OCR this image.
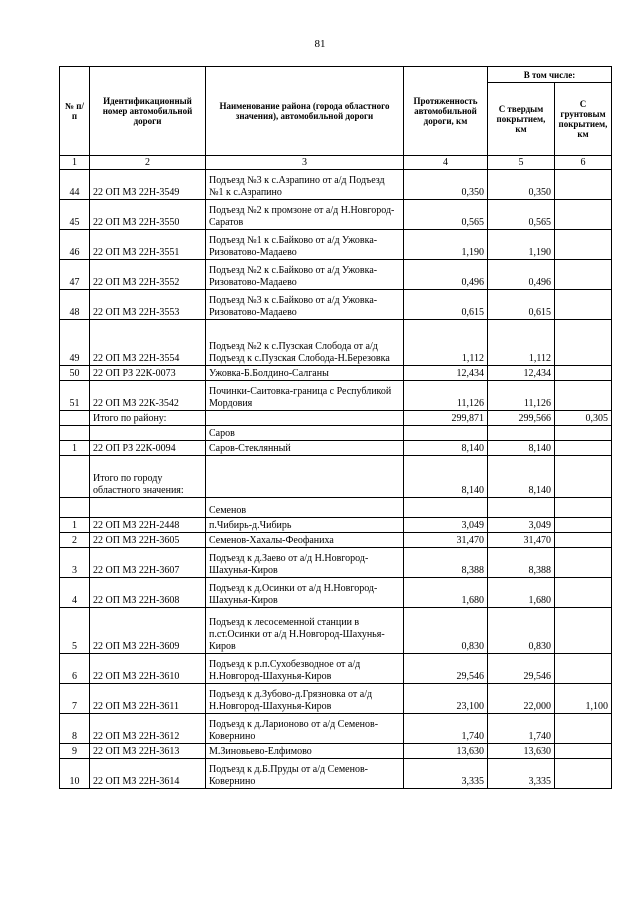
81
№ п/п	Идентификационный номер автомобильной дороги	Наименование района (города областного значения), автомобильной дороги	Протяженность автомобильной дороги, км	В том числе:	
				С твердым покрытием, км	С грунтовым покрытием, км
1	2	3	4	5	6
44	22 ОП МЗ 22Н-3549	Подъезд №3 к с.Азрапино от а/д Подъезд №1 к с.Азрапино	0,350	0,350	
45	22 ОП МЗ 22Н-3550	Подъезд №2 к промзоне от а/д Н.Новгород-Саратов	0,565	0,565	
46	22 ОП МЗ 22Н-3551	Подъезд №1 к с.Байково от а/д Ужовка-Ризоватово-Мадаево	1,190	1,190	
47	22 ОП МЗ 22Н-3552	Подъезд №2 к с.Байково от а/д Ужовка-Ризоватово-Мадаево	0,496	0,496	
48	22 ОП МЗ 22Н-3553	Подъезд №3 к с.Байково от а/д Ужовка-Ризоватово-Мадаево	0,615	0,615	
49	22 ОП МЗ 22Н-3554	Подъезд №2 к с.Пузская Слобода от а/д Подъезд к с.Пузская Слобода-Н.Березовка	1,112	1,112	
50	22 ОП РЗ 22К-0073	Ужовка-Б.Болдино-Салганы	12,434	12,434	
51	22 ОП МЗ 22К-3542	Починки-Саитовка-граница с Республикой Мордовия	11,126	11,126	
	Итого по району:		299,871	299,566	0,305
		Саров			
1	22 ОП РЗ 22К-0094	Саров-Стеклянный	8,140	8,140	
	Итого по городу областного значения:		8,140	8,140	
		Семенов			
1	22 ОП МЗ 22Н-2448	п.Чибирь-д.Чибирь	3,049	3,049	
2	22 ОП МЗ 22Н-3605	Семенов-Хахалы-Феофаниха	31,470	31,470	
3	22 ОП МЗ 22Н-3607	Подъезд к д.Заево от а/д Н.Новгород-Шахунья-Киров	8,388	8,388	
4	22 ОП МЗ 22Н-3608	Подъезд к д.Осинки от а/д Н.Новгород-Шахунья-Киров	1,680	1,680	
5	22 ОП МЗ 22Н-3609	Подъезд к лесосеменной станции в п.ст.Осинки от а/д Н.Новгород-Шахунья-Киров	0,830	0,830	
6	22 ОП МЗ 22Н-3610	Подъезд к р.п.Сухобезводное от а/д Н.Новгород-Шахунья-Киров	29,546	29,546	
7	22 ОП МЗ 22Н-3611	Подъезд к д.Зубово-д.Грязновка от а/д Н.Новгород-Шахунья-Киров	23,100	22,000	1,100
8	22 ОП МЗ 22Н-3612	Подъезд к д.Ларионово от а/д Семенов-Ковернино	1,740	1,740	
9	22 ОП МЗ 22Н-3613	М.Зиновьево-Елфимово	13,630	13,630	
10	22 ОП МЗ 22Н-3614	Подъезд к д.Б.Пруды от а/д Семенов-Ковернино	3,335	3,335	
